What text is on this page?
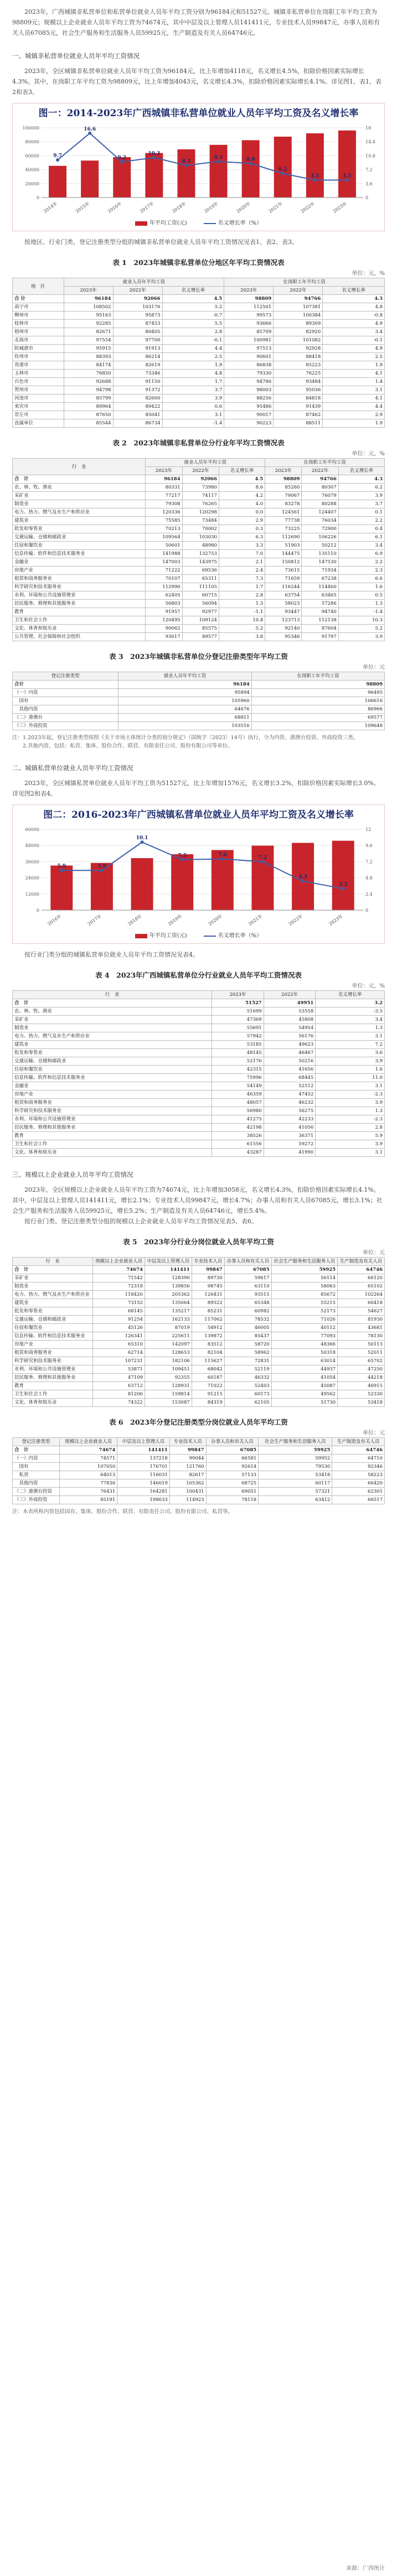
2023年，广西城镇非私营单位和私营单位就业人员年平均工资分别为96184元和51527元。城镇非私营单位在岗职工年平均工资为98809元；规模以上企业就业人员年平均工资为74674元，其中中层及以上管理人员141411元，专业技术人员99847元，办事人员和有关人员67085元，社会生产服务和生活服务人员59925元，生产制造及有关人员64746元。

一、城镇非私营单位就业人员年平均工资情况

2023年，全区城镇非私营单位就业人员年平均工资为96184元，比上年增加4118元，名义增长4.5%，扣除价格因素实际增长4.3%。其中，在岗职工年平均工资为98809元，比上年增加4043元，名义增长4.3%，扣除价格因素实际增长4.1%。详见图1、表1、表2和表3。

图一：2014-2023年广西城镇非私营单位就业人员年平均工资及名义增长率
0	0
20000	3.6
40000	7.2
60000	10.8
80000	14.4
100000	18
2014年	2015年	2016年	2017年	2018年	2019年	2020年	2021年	2022年	2023年
9.7
16.6
9.2
10.3
8.3
9.3	8.8
6.2
4.5	4.5
年平均工资(元)	名义增长率（%）

按地区、行业门类、登记注册类型分组的城镇非私营单位就业人员年平均工资情况见表1、表2、表3。

表 1　2023年城镇非私营单位分地区年平均工资情况表
单位：元，%
地　区	就业人员年平均工资			在岗职工年平均工资		
	2023年	2022年	名义增长率	2023年	2022年	名义增长率
合 计	96184	92066	4.5	98809	94766	4.3
南宁市	108502	103176	5.2	112501	107381	4.8
柳州市	95163	95873	-0.7	99573	100384	-0.8
桂林市	92285	87453	5.5	93666	89309	4.9
梧州市	82671	80405	2.8	85709	82920	3.4
北海市	97554	97700	-0.1	100981	101082	-0.1
防城港市	95915	91913	4.4	97513	92928	4.9
钦州市	88393	86214	2.5	90601	88418	2.5
贵港市	84174	82619	1.9	86838	85223	1.9
玉林市	76850	73346	4.8	79330	76225	4.1
百色市	92688	91150	1.7	94786	93484	1.4
贺州市	94798	91372	3.7	98003	95036	3.1
河池市	85799	82600	3.9	88256	84818	4.1
来宾市	89964	89422	0.6	95486	91439	4.4
崇左市	87650	85041	3.1	90017	87462	2.9
直属单位	85544	86734	-1.4	90223	88511	1.9
表 2　2023年城镇非私营单位分行业年平均工资情况表
单位：元，%
行　业	就业人员年平均工资			在岗职工年平均工资		
	2023年	2022年	名义增长率	2023年	2022年	名义增长率
合　计	96184	92066	4.5	98809	94766	4.3
农、林、牧、渔业	80331	73980	8.6	85260	80307	6.2
采矿业	77217	74117	4.2	79067	76079	3.9
制造业	79308	76265	4.0	83278	80288	3.7
电力、热力、燃气及水生产和供应业	120336	120298	0.0	124561	124407	0.1
建筑业	75585	73484	2.9	77738	76034	2.2
批发和零售业	70213	70002	0.3	73225	72900	0.4
交通运输、仓储和邮政业	109564	103030	6.3	112690	106226	6.1
住宿和餐饮业	50601	48980	3.3	51903	50212	3.4
信息传输、软件和信息技术服务业	141988	132753	7.0	144475	135110	6.9
金融业	147003	143975	2.1	150812	147530	2.2
房地产业	71222	69536	2.4	73615	71934	2.3
租赁和商务服务业	70107	65311	7.3	71659	67238	6.6
科学研究和技术服务业	112990	111105	1.7	116244	114460	1.6
水利、环境和公共设施管理业	62405	60715	2.8	63754	63465	0.5
居民服务、修理和其他服务业	56803	56094	1.3	58023	57286	1.3
教育	91957	92977	-1.1	93447	94740	-1.4
卫生和社会工作	120495	109124	10.4	123713	112138	10.3
文化、体育和娱乐业	90062	85575	5.2	92140	87604	5.2
公共管理、社会保障和社会组织	93017	89577	3.8	95346	91797	3.9
表 3　2023年城镇非私营单位分登记注册类型年平均工资
单位：元
登记注册类型	就业人员年平均工资	在岗职工年平均工资
合计	96184	98809
（一）内资	95894	96495
　国有	105960	106616
　其他内资	64676	86966
（二）港澳台	68811	69577
（三）外商投资	103516	109648
注：1.2023年起，登记注册类型按照《关于市场主体统计分类的划分规定》（国统字〔2023〕14号）执行，分为内资、港澳台投资、外商投资三类。
　　2.其他内资，包括：私营、集体、股份合作、联营、有限责任公司、股份有限公司等单位。
二、城镇私营单位就业人员年平均工资情况

2023年，全区城镇私营单位就业人员年平均工资为51527元，比上年增加1576元，名义增长3.2%，扣除价格因素实际增长3.0%。详见图2和表4。

图二：2016-2023年广西城镇私营单位就业人员年平均工资及名义增长率
0	0
12000	2.4
24000	4.8
36000	7.2
48000	9.6
60000	12
2016年	2017年	2018年	2019年	2020年	2021年	2022年	2023年
5.9	5.9
10.1
7.5	7.6	7.2
4.3
3.2
年平均工资(元)	名义增长率（%）

按行业门类分组的城镇私营单位就业人员年平均工资情况见表4。

表 4　2023年广西城镇私营单位分行业就业人员年平均工资情况表
单位：元，%
行　业	2023年	2022年	名义增长率
合　计	51527	49951	3.2
农、林、牧、渔业	51699	53558	-3.5
采矿业	47369	45808	3.4
制造业	55691	54954	1.3
电力、热力、燃气及水生产和供应业	57942	56176	3.1
建筑业	53185	49623	7.2
批发和零售业	48145	46467	3.6
交通运输、仓储和邮政业	52176	50216	3.9
住宿和餐饮业	42315	41656	1.6
信息传输、软件和信息技术服务业	75996	68445	11.0
金融业	54149	52512	3.1
房地产业	46359	47452	-2.3
租赁和商务服务业	48057	46232	3.9
科学研究和技术服务业	56980	56275	1.3
水利、环境和公共设施管理业	41275	42233	-2.3
居民服务、修理和其他服务业	42198	41056	2.8
教育	38526	36371	5.9
卫生和社会工作	61556	59272	3.9
文化、体育和娱乐业	43287	41990	3.1
三、规模以上企业就业人员年平均工资情况

2023年，全区规模以上企业就业人员年平均工资为74674元，比上年增加3058元，名义增长4.3%，扣除价格因素实际增长4.1%。其中，中层及以上管理人员141411元，增长2.1%；专业技术人员99847元，增长4.7%；办事人员和有关人员67085元，增长3.1%；社会生产服务和生活服务人员59925元，增长5.2%；生产制造及有关人员64746元，增长5.4%。

按行业门类、登记注册类型分组的规模以上企业就业人员年平均工资情况见表5、表6。

表 5　2023年分行业分岗位就业人员年平均工资
单位：元
行　业	规模以上企业就业人员	中层及以上管理人员	专业技术人员	办事人员和有关人员	社会生产服务和生活服务人员	生产制造及有关人员
合　计	74674	141411	99847	67085	59925	64746
采矿业	71542	128390	89730	59617	56114	66120
制造业	72318	139856	98745	63110	58063	65102
电力、热力、燃气及水生产和供应业	118420	205362	126431	93515	85672	102264
建筑业	73152	135064	89522	65348	55215	60418
批发和零售业	68145	135217	85231	60982	52173	54627
交通运输、仓储和邮政业	91254	162133	117062	78532	71026	81930
住宿和餐饮业	45126	87019	58912	46005	40112	43681
信息传输、软件和信息技术服务业	126341	225611	139872	85437	77093	78130
房地产业	65310	142097	83512	58720	48366	50113
租赁和商务服务业	62714	128653	82104	58962	50318	52011
科学研究和技术服务业	107231	182106	115627	72831	63014	65702
水利、环境和公共设施管理业	53871	109451	68042	52119	44937	47250
居民服务、修理和其他服务业	47109	92355	60187	46332	41054	44218
教育	63712	128931	71022	52403	45087	46915
卫生和社会工作	81206	159814	91215	60173	49562	52330
文化、体育和娱乐业	74322	153087	84319	62105	51730	53418
表 6　2023年分登记注册类型分岗位就业人员年平均工资
单位：元
登记注册类型	规模以上企业就业人员	中层及以上管理人员	专业技术人员	办事人员和有关人员	社会生产服务和生活服务人员	生产制造及有关人员
合　计	74674	141411	99847	67085	59925	64746
（一）内资	74571	137218	99044	66581	59952	64710
　国有	107050	176701	121760	92614	79530	92346
　私营	64013	116031	82617	57133	53418	58223
　其他内资	77836	146019	105362	68725	60117	66420
（二）港澳台投资	76431	164281	100431	69051	57321	62301
（三）外商投资	85191	198633	114923	78118	63412	66517
注：本表所称内资包括国有、集体、股份合作、联营、有限责任公司、股份有限公司、私营等。
来源：广西统计
